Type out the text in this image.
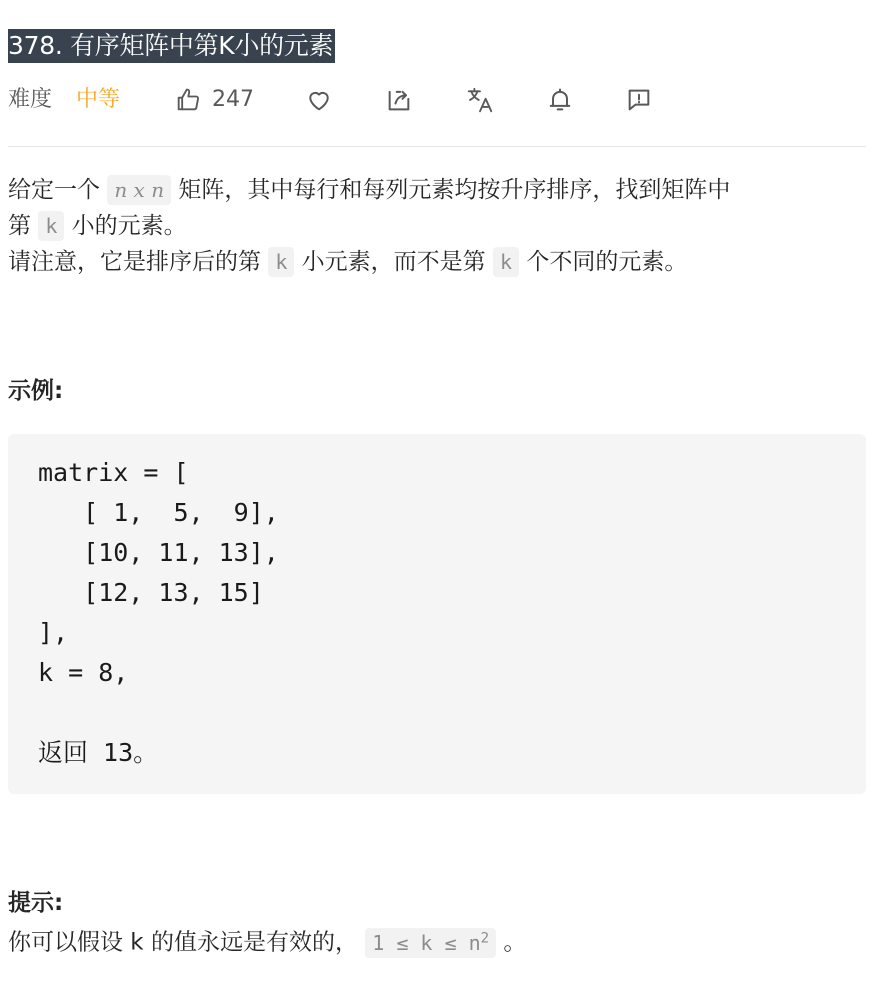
378. 有序矩阵中第K小的元素
难度 中等	247

给定一个 n x n 矩阵，其中每行和每列元素均按升序排序，找到矩阵中
第 k 小的元素。

请注意，它是排序后的第 k 小元素，而不是第 k 个不同的元素。

示例:
matrix = [
[ 1,  5,  9],
[10, 11, 13],
[12, 13, 15]
],
k = 8,
返回 13。
提示:
你可以假设 k 的值永远是有效的， $1 \le k \le n^2$ 。
